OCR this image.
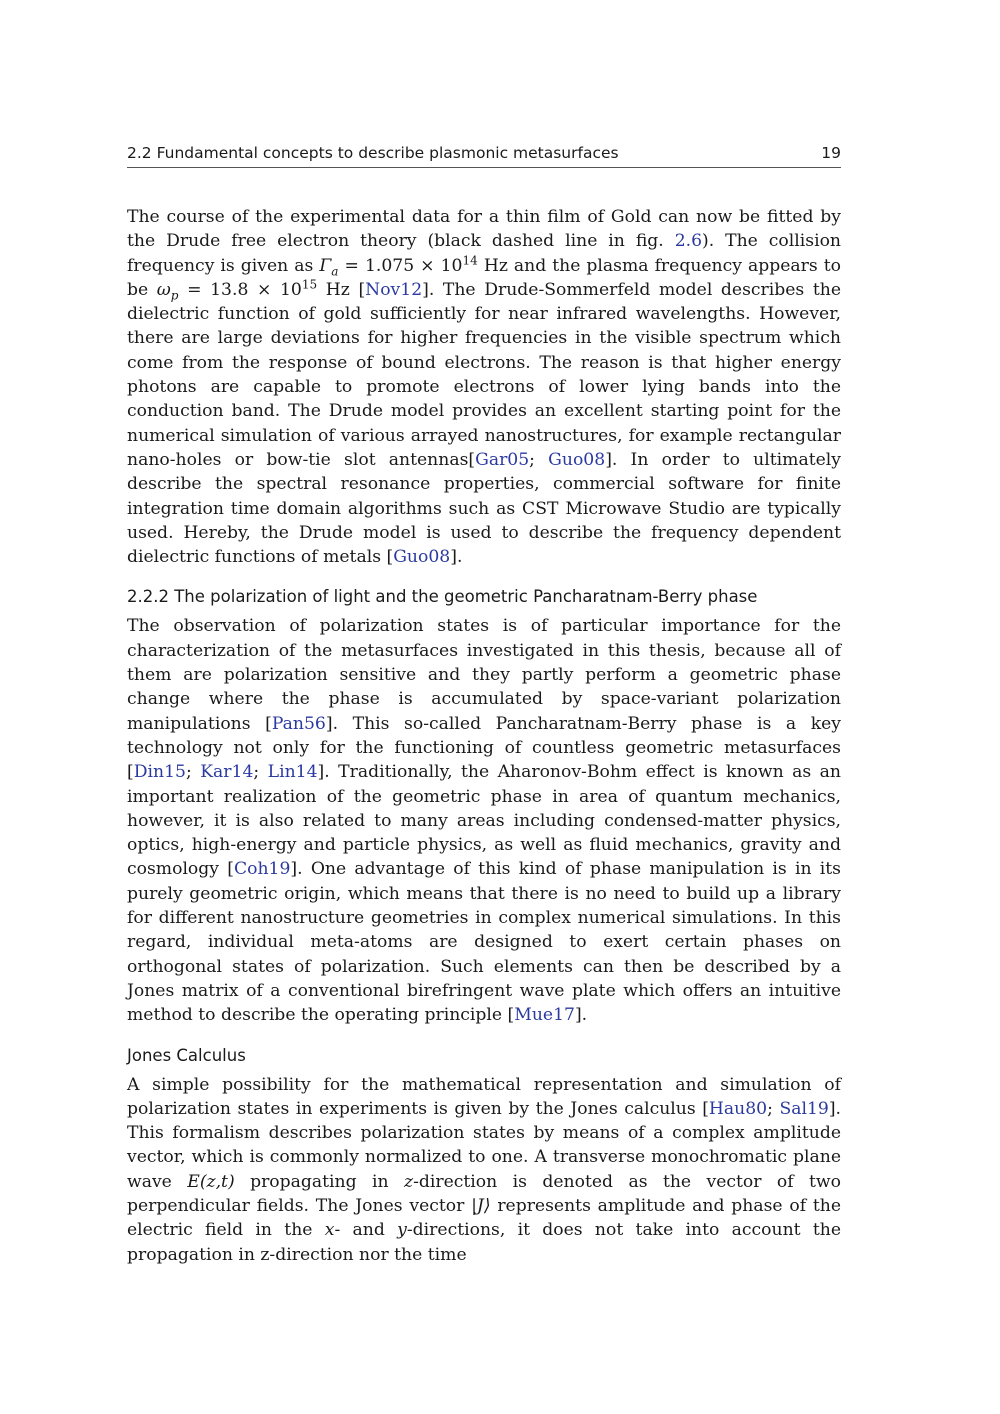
2.2 Fundamental concepts to describe plasmonic metasurfaces	19

The course of the experimental data for a thin film of Gold can now be fitted by the Drude free electron theory (black dashed line in fig. 2.6). The collision frequency is given as $\Gamma_a = 1.075 \times 10^{14}$ Hz and the plasma frequency appears to be $\omega_p = 13.8 \times 10^{15}$ Hz [Nov12]. The Drude-Sommerfeld model describes the dielectric function of gold sufficiently for near infrared wavelengths. However, there are large deviations for higher frequencies in the visible spectrum which come from the response of bound electrons. The reason is that higher energy photons are capable to promote electrons of lower lying bands into the conduction band. The Drude model provides an excellent starting point for the numerical simulation of various arrayed nanostructures, for example rectangular nano-holes or bow-tie slot antennas[Gar05; Guo08]. In order to ultimately describe the spectral resonance properties, commercial software for finite integration time domain algorithms such as CST Microwave Studio are typically used. Hereby, the Drude model is used to describe the frequency dependent dielectric functions of metals [Guo08].

2.2.2 The polarization of light and the geometric Pancharatnam-Berry phase

The observation of polarization states is of particular importance for the characterization of the metasurfaces investigated in this thesis, because all of them are polarization sensitive and they partly perform a geometric phase change where the phase is accumulated by space-variant polarization manipulations [Pan56]. This so-called Pancharatnam-Berry phase is a key technology not only for the functioning of countless geometric metasurfaces [Din15; Kar14; Lin14]. Traditionally, the Aharonov-Bohm effect is known as an important realization of the geometric phase in area of quantum mechanics, however, it is also related to many areas including condensed-matter physics, optics, high-energy and particle physics, as well as fluid mechanics, gravity and cosmology [Coh19]. One advantage of this kind of phase manipulation is in its purely geometric origin, which means that there is no need to build up a library for different nanostructure geometries in complex numerical simulations. In this regard, individual meta-atoms are designed to exert certain phases on orthogonal states of polarization. Such elements can then be described by a Jones matrix of a conventional birefringent wave plate which offers an intuitive method to describe the operating principle [Mue17].

Jones Calculus

A simple possibility for the mathematical representation and simulation of polarization states in experiments is given by the Jones calculus [Hau80; Sal19]. This formalism describes polarization states by means of a complex amplitude vector, which is commonly normalized to one. A transverse monochromatic plane wave E(z,t) propagating in z-direction is denoted as the vector of two perpendicular fields. The Jones vector |J⟩ represents amplitude and phase of the electric field in the x- and y-directions, it does not take into account the propagation in z-direction nor the time
